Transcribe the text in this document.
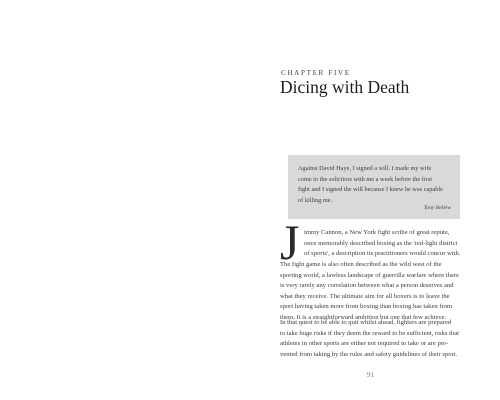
CHAPTER FIVE
Dicing with Death

Against David Haye, I signed a will. I made my wife
come to the solicitors with me a week before the first
fight and I signed the will because I knew he was capable
of killing me.

Tony Bellew
J immy Cannon, a New York fight scribe of great repute,
once memorably described boxing as the 'red-light district
of sports', a description its practitioners would concur with.

The fight game is also often described as the wild west of the
sporting world, a lawless landscape of guerrilla warfare where there
is very rarely any correlation between what a person deserves and
what they receive. The ultimate aim for all boxers is to leave the
sport having taken more from boxing than boxing has taken from
them. It is a straightforward ambition but one that few achieve.

In that quest to be able to quit whilst ahead, fighters are prepared
to take huge risks if they deem the reward to be sufficient, risks that
athletes in other sports are either not required to take or are pre-
vented from taking by the rules and safety guidelines of their sport.

91
